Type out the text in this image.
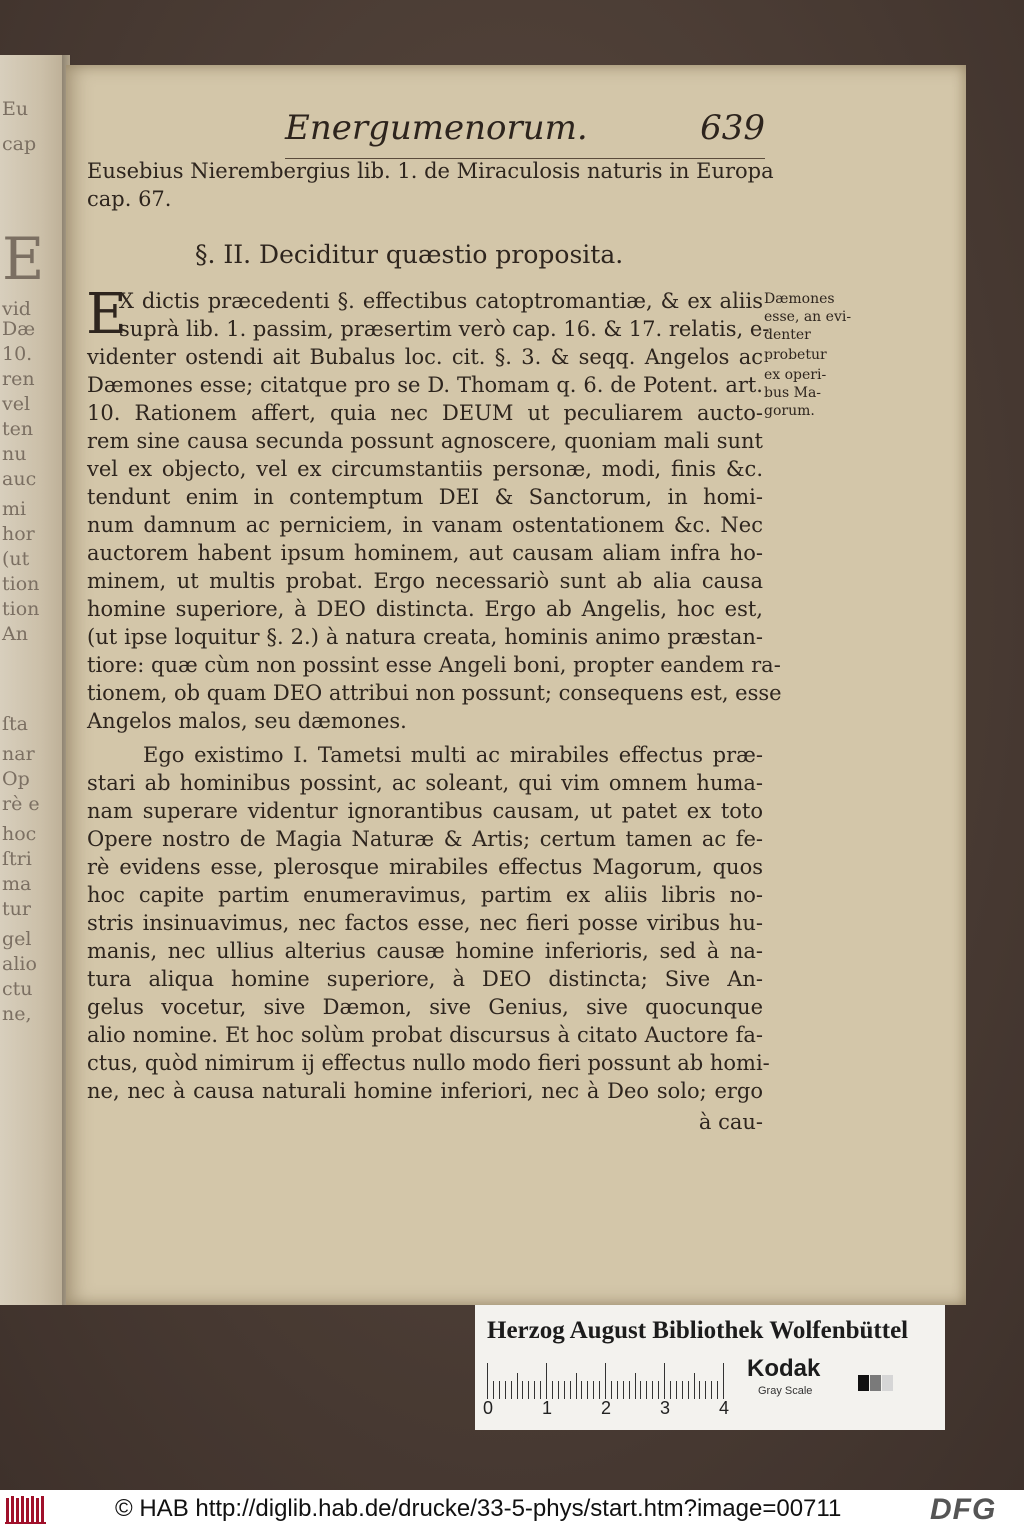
Eu
cap
E
vid
Dæ
10.
ren
vel
ten
nu
auc
mi
hor
(ut
tion
tion
An
ſta
nar
Op
rè e
hoc
ſtri
ma
tur
gel
alio
ctu
ne,
Energumenorum.	639
Eusebius Nierembergius lib. 1. de Miraculosis naturis in Europa
cap. 67.
§. II. Deciditur quæstio proposita.
E
X dictis præcedenti §. effectibus catoptromantiæ, & ex aliis
suprà lib. 1. passim, præsertim verò cap. 16. & 17. relatis, e-
videnter ostendi ait Bubalus loc. cit. §. 3. & seqq. Angelos ac
Dæmones esse; citatque pro se D. Thomam q. 6. de Potent. art.
10. Rationem affert, quia nec DEUM ut peculiarem aucto-
rem sine causa secunda possunt agnoscere, quoniam mali sunt
vel ex objecto, vel ex circumstantiis personæ, modi, finis &c.
tendunt enim in contemptum DEI & Sanctorum, in homi-
num damnum ac perniciem, in vanam ostentationem &c. Nec
auctorem habent ipsum hominem, aut causam aliam infra ho-
minem, ut multis probat. Ergo necessariò sunt ab alia causa
homine superiore, à DEO distincta. Ergo ab Angelis, hoc est,
(ut ipse loquitur §. 2.) à natura creata, hominis animo præstan-
tiore: quæ cùm non possint esse Angeli boni, propter eandem ra-
tionem, ob quam DEO attribui non possunt; consequens est, esse
Angelos malos, seu dæmones.
Ego existimo I. Tametsi multi ac mirabiles effectus præ-
stari ab hominibus possint, ac soleant, qui vim omnem huma-
nam superare videntur ignorantibus causam, ut patet ex toto
Opere nostro de Magia Naturæ & Artis; certum tamen ac fe-
rè evidens esse, plerosque mirabiles effectus Magorum, quos
hoc capite partim enumeravimus, partim ex aliis libris no-
stris insinuavimus, nec factos esse, nec fieri posse viribus hu-
manis, nec ullius alterius causæ homine inferioris, sed à na-
tura aliqua homine superiore, à DEO distincta; Sive An-
gelus vocetur, sive Dæmon, sive Genius, sive quocunque
alio nomine. Et hoc solùm probat discursus à citato Auctore fa-
ctus, quòd nimirum ij effectus nullo modo fieri possunt ab homi-
ne, nec à causa naturali homine inferiori, nec à Deo solo; ergo
à cau-
Dæmones
esse, an evi-
denter
probetur
ex operi-
bus Ma-
gorum.
Herzog August Bibliothek Wolfenbüttel
Kodak
Gray Scale
0	1	2	3	4
© HAB http://diglib.hab.de/drucke/33-5-phys/start.htm?image=00711	DFG
